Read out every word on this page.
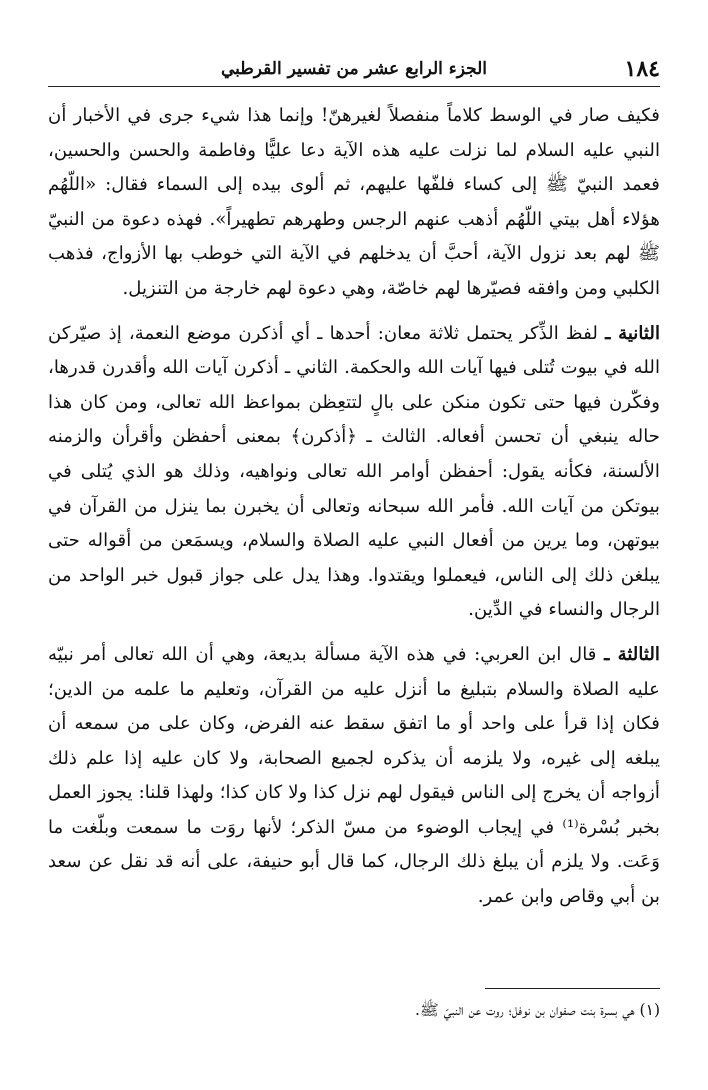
١٨٤
الجزء الرابع عشر من تفسير القرطبي

فكيف صار في الوسط كلاماً منفصلاً لغيرهنّ! وإنما هذا شيء جرى في الأخبار أن النبي عليه السلام لما نزلت عليه هذه الآية دعا عليًّا وفاطمة والحسن والحسين، فعمد النبيّ ﷺ إلى كساء فلفّها عليهم، ثم ألوى بيده إلى السماء فقال: «اللّهُم هؤلاء أهل بيتي اللّهُم أذهب عنهم الرجس وطهرهم تطهيراً». فهذه دعوة من النبيّ ﷺ لهم بعد نزول الآية، أحبَّ أن يدخلهم في الآية التي خوطب بها الأزواج، فذهب الكلبي ومن وافقه فصيّرها لهم خاصّة، وهي دعوة لهم خارجة من التنزيل.

الثانية ـ لفظ الذِّكر يحتمل ثلاثة معان: أحدها ـ أي أذكرن موضع النعمة، إذ صيّركن الله في بيوت تُتلى فيها آيات الله والحكمة. الثاني ـ أذكرن آيات الله وأقدرن قدرها، وفكّرن فيها حتى تكون منكن على بالٍ لتتعِظن بمواعظ الله تعالى، ومن كان هذا حاله ينبغي أن تحسن أفعاله. الثالث ـ ﴿أذكرن﴾ بمعنى أحفظن وأقرأن والزمنه الألسنة، فكأنه يقول: أحفظن أوامر الله تعالى ونواهيه، وذلك هو الذي يُتلى في بيوتكن من آيات الله. فأمر الله سبحانه وتعالى أن يخبرن بما ينزل من القرآن في بيوتهن، وما يرين من أفعال النبي عليه الصلاة والسلام، ويسمَعن من أقواله حتى يبلغن ذلك إلى الناس، فيعملوا ويقتدوا. وهذا يدل على جواز قبول خبر الواحد من الرجال والنساء في الدِّين.

الثالثة ـ قال ابن العربي: في هذه الآية مسألة بديعة، وهي أن الله تعالى أمر نبيّه عليه الصلاة والسلام بتبليغ ما أنزل عليه من القرآن، وتعليم ما علمه من الدين؛ فكان إذا قرأ على واحد أو ما اتفق سقط عنه الفرض، وكان على من سمعه أن يبلغه إلى غيره، ولا يلزمه أن يذكره لجميع الصحابة، ولا كان عليه إذا علم ذلك أزواجه أن يخرج إلى الناس فيقول لهم نزل كذا ولا كان كذا؛ ولهذا قلنا: يجوز العمل بخبر بُسْرة⁽¹⁾ في إيجاب الوضوء من مسّ الذكر؛ لأنها روَت ما سمعت وبلّغت ما وَعَت. ولا يلزم أن يبلغ ذلك الرجال، كما قال أبو حنيفة، على أنه قد نقل عن سعد بن أبي وقاص وابن عمر.

(١) هي بسرة بنت صفوان بن نوفل؛ روت عن النبيّ ﷺ.
